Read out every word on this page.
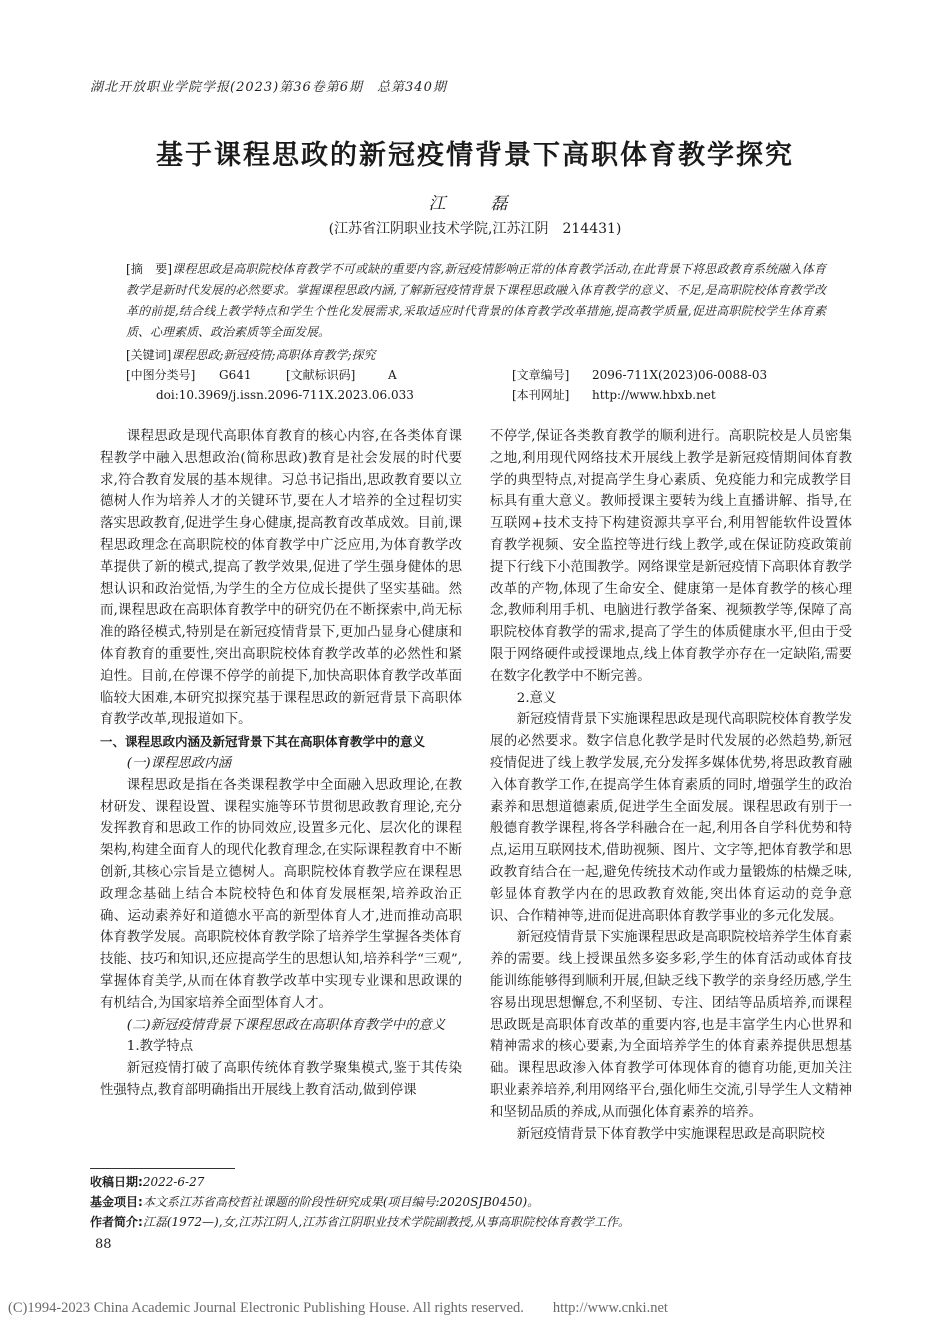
湖北开放职业学院学报(2023)第36卷第6期　总第340期
基于课程思政的新冠疫情背景下高职体育教学探究
江　磊
(江苏省江阴职业技术学院,江苏江阴　214431)
[摘　要]课程思政是高职院校体育教学不可或缺的重要内容,新冠疫情影响正常的体育教学活动,在此背景下将思政教育系统融入体育教学是新时代发展的必然要求。掌握课程思政内涵,了解新冠疫情背景下课程思政融入体育教学的意义、不足,是高职院校体育教学改革的前提,结合线上教学特点和学生个性化发展需求,采取适应时代背景的体育教学改革措施,提高教学质量,促进高职院校学生体育素质、心理素质、政治素质等全面发展。
[关键词]课程思政;新冠疫情;高职体育教学;探究
[中图分类号] G641	[文献标识码]	A	[文章编号] 2096-711X(2023)06-0088-03
doi:10.3969/j.issn.2096-711X.2023.06.033	[本刊网址] http://www.hbxb.net

课程思政是现代高职体育教育的核心内容,在各类体育课程教学中融入思想政治(简称思政)教育是社会发展的时代要求,符合教育发展的基本规律。习总书记指出,思政教育要以立德树人作为培养人才的关键环节,要在人才培养的全过程切实落实思政教育,促进学生身心健康,提高教育改革成效。目前,课程思政理念在高职院校的体育教学中广泛应用,为体育教学改革提供了新的模式,提高了教学效果,促进了学生强身健体的思想认识和政治觉悟,为学生的全方位成长提供了坚实基础。然而,课程思政在高职体育教学中的研究仍在不断探索中,尚无标准的路径模式,特别是在新冠疫情背景下,更加凸显身心健康和体育教育的重要性,突出高职院校体育教学改革的必然性和紧迫性。目前,在停课不停学的前提下,加快高职体育教学改革面临较大困难,本研究拟探究基于课程思政的新冠背景下高职体育教学改革,现报道如下。

一、课程思政内涵及新冠背景下其在高职体育教学中的意义

(一)课程思政内涵

课程思政是指在各类课程教学中全面融入思政理论,在教材研发、课程设置、课程实施等环节贯彻思政教育理论,充分发挥教育和思政工作的协同效应,设置多元化、层次化的课程架构,构建全面育人的现代化教育理念,在实际课程教育中不断创新,其核心宗旨是立德树人。高职院校体育教学应在课程思政理念基础上结合本院校特色和体育发展框架,培养政治正确、运动素养好和道德水平高的新型体育人才,进而推动高职体育教学发展。高职院校体育教学除了培养学生掌握各类体育技能、技巧和知识,还应提高学生的思想认知,培养科学“三观”,掌握体育美学,从而在体育教学改革中实现专业课和思政课的有机结合,为国家培养全面型体育人才。

(二)新冠疫情背景下课程思政在高职体育教学中的意义

1.教学特点

新冠疫情打破了高职传统体育教学聚集模式,鉴于其传染性强特点,教育部明确指出开展线上教育活动,做到停课

不停学,保证各类教育教学的顺利进行。高职院校是人员密集之地,利用现代网络技术开展线上教学是新冠疫情期间体育教学的典型特点,对提高学生身心素质、免疫能力和完成教学目标具有重大意义。教师授课主要转为线上直播讲解、指导,在互联网+技术支持下构建资源共享平台,利用智能软件设置体育教学视频、安全监控等进行线上教学,或在保证防疫政策前提下行线下小范围教学。网络课堂是新冠疫情下高职体育教学改革的产物,体现了生命安全、健康第一是体育教学的核心理念,教师利用手机、电脑进行教学备案、视频教学等,保障了高职院校体育教学的需求,提高了学生的体质健康水平,但由于受限于网络硬件或授课地点,线上体育教学亦存在一定缺陷,需要在数字化教学中不断完善。

2.意义

新冠疫情背景下实施课程思政是现代高职院校体育教学发展的必然要求。数字信息化教学是时代发展的必然趋势,新冠疫情促进了线上教学发展,充分发挥多媒体优势,将思政教育融入体育教学工作,在提高学生体育素质的同时,增强学生的政治素养和思想道德素质,促进学生全面发展。课程思政有别于一般德育教学课程,将各学科融合在一起,利用各自学科优势和特点,运用互联网技术,借助视频、图片、文字等,把体育教学和思政教育结合在一起,避免传统技术动作或力量锻炼的枯燥乏味,彰显体育教学内在的思政教育效能,突出体育运动的竞争意识、合作精神等,进而促进高职体育教学事业的多元化发展。

新冠疫情背景下实施课程思政是高职院校培养学生体育素养的需要。线上授课虽然多姿多彩,学生的体育活动或体育技能训练能够得到顺利开展,但缺乏线下教学的亲身经历感,学生容易出现思想懈怠,不利坚韧、专注、团结等品质培养,而课程思政既是高职体育改革的重要内容,也是丰富学生内心世界和精神需求的核心要素,为全面培养学生的体育素养提供思想基础。课程思政渗入体育教学可体现体育的德育功能,更加关注职业素养培养,利用网络平台,强化师生交流,引导学生人文精神和坚韧品质的养成,从而强化体育素养的培养。

新冠疫情背景下体育教学中实施课程思政是高职院校

收稿日期:2022-6-27
基金项目:本文系江苏省高校哲社课题的阶段性研究成果(项目编号:2020SJB0450)。
作者简介:江磊(1972—),女,江苏江阴人,江苏省江阴职业技术学院副教授,从事高职院校体育教学工作。
88
(C)1994-2023 China Academic Journal Electronic Publishing House. All rights reserved.　　http://www.cnki.net
